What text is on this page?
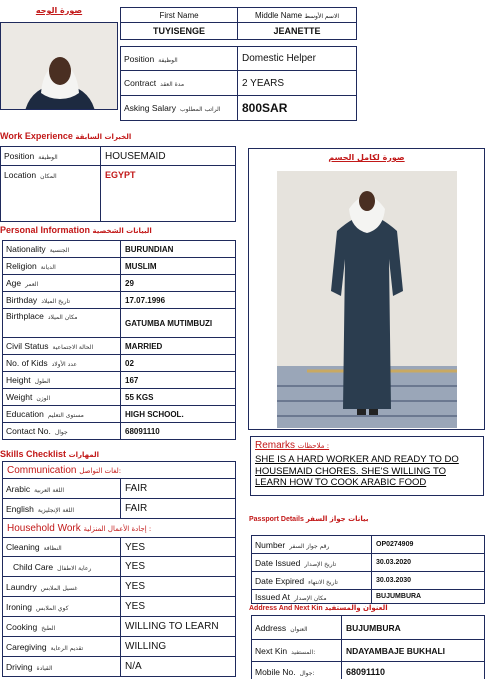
صورة الوجه	First Name	Middle Name الاسم الأوسط
TUYISENGE	JEANETTE
Position الوظيفة	Domestic Helper
Contract مدة العقد	2 YEARS
Asking Salary الراتب المطلوب	800SAR
Work Experience الخبرات السابقة
Position الوظيفة	HOUSEMAID
Location المكان	EGYPT
Personal Information البيانات الشخصية
Nationality الجنسية	BURUNDIAN
Religion الديانة	MUSLIM
Age العمر	29
Birthday تاريخ الميلاد	17.07.1996
Birthplace مكان الميلاد	GATUMBA MUTIMBUZI
Civil Status الحالة الاجتماعية	MARRIED
No. of Kids عدد الأولاد	02
Height الطول	167
Weight الوزن	55 KGS
Education مستوى التعليم	HIGH SCHOOL.
Contact No. جوال	68091110
Skills Checklist المهارات
Communication لغات التواصل:	
Arabic اللغة العربية	FAIR
English اللغة الإنجليزية	FAIR
Household Work إجادة الأعمال المنزلية :	
Cleaning النظافة	YES
Child Care رعاية الاطفال	YES
Laundry غسيل الملابس	YES
Ironing كوي الملابس	YES
Cooking الطبخ	WILLING TO LEARN
Caregiving تقديم الرعاية	WILLING
Driving القيادة	N/A
صورة لكامل الجسم
Remarks ملاحظات :
SHE IS A HARD WORKER AND READY TO DO HOUSEMAID CHORES. SHE'S WILLING TO LEARN HOW TO COOK ARABIC FOOD
Passport Details بيانات جواز السفر
Number رقم جواز السفر	OP0274909
Date Issued تاريخ الإصدار	30.03.2020
Date Expired تاريخ الانتهاء	30.03.2030
Issued At مكان الإصدار	BUJUMBURA
Address And Next Kin العنوان والمستفيد
Address العنوان	BUJUMBURA
Next Kin المستفيد:	NDAYAMBAJE BUKHALI
Mobile No. جوال:	68091110
